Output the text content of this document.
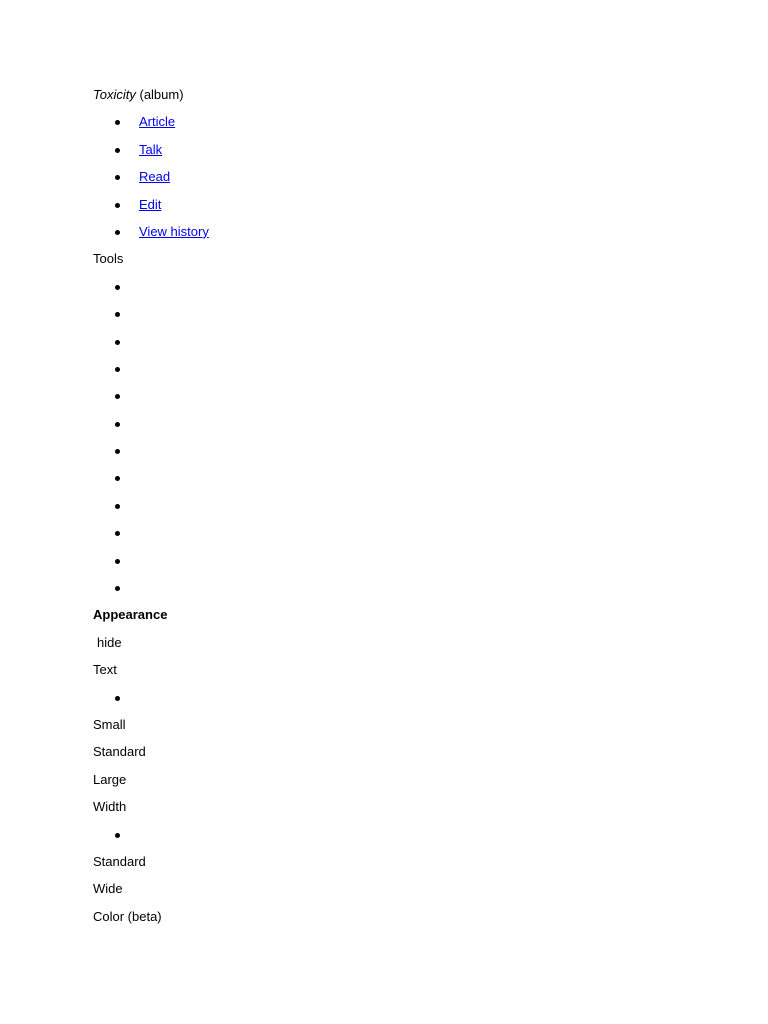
Toxicity (album)
Article
Talk
Read
Edit
View history
Tools
Appearance
hide
Text
Small
Standard
Large
Width
Standard
Wide
Color (beta)
